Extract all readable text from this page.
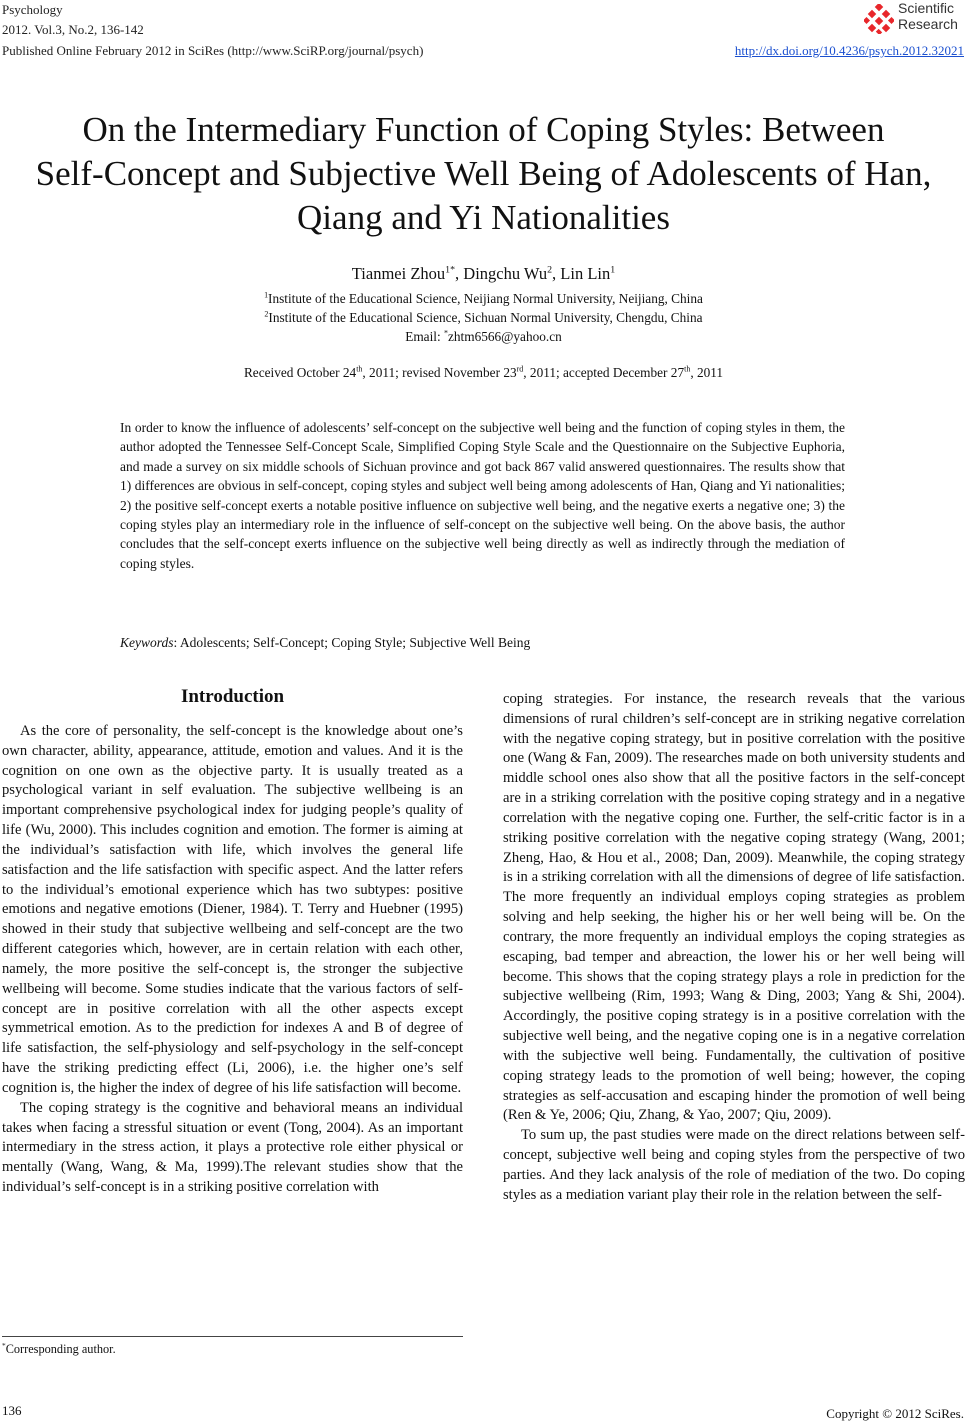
Psychology
2012. Vol.3, No.2, 136-142
Published Online February 2012 in SciRes (http://www.SciRP.org/journal/psych)	http://dx.doi.org/10.4236/psych.2012.32021
Scientific
Research
On the Intermediary Function of Coping Styles: Between
Self-Concept and Subjective Well Being of Adolescents of Han,
Qiang and Yi Nationalities
Tianmei Zhou$^{1*}$, Dingchu Wu$^2$, Lin Lin$^1$
$^1$Institute of the Educational Science, Neijiang Normal University, Neijiang, China
$^2$Institute of the Educational Science, Sichuan Normal University, Chengdu, China
Email: *zhtm6566@yahoo.cn
Received October 24th, 2011; revised November 23rd, 2011; accepted December 27th, 2011
In order to know the influence of adolescents’ self-concept on the subjective well being and the function of coping styles in them, the author adopted the Tennessee Self-Concept Scale, Simplified Coping Style Scale and the Questionnaire on the Subjective Euphoria, and made a survey on six middle schools of Sichuan province and got back 867 valid answered questionnaires. The results show that 1) differences are obvious in self-concept, coping styles and subject well being among adolescents of Han, Qiang and Yi nationalities; 2) the positive self-concept exerts a notable positive influence on subjective well being, and the negative exerts a negative one; 3) the coping styles play an intermediary role in the influence of self-concept on the subjective well being. On the above basis, the author concludes that the self-concept exerts influence on the subjective well being directly as well as indirectly through the mediation of coping styles.
Keywords: Adolescents; Self-Concept; Coping Style; Subjective Well Being
Introduction

As the core of personality, the self-concept is the knowledge about one’s own character, ability, appearance, attitude, emotion and values. And it is the cognition on one own as the objective party. It is usually treated as a psychological variant in self evaluation. The subjective wellbeing is an important comprehensive psychological index for judging people’s quality of life (Wu, 2000). This includes cognition and emotion. The former is aiming at the individual’s satisfaction with life, which involves the general life satisfaction and the life satisfaction with specific aspect. And the latter refers to the individual’s emotional experience which has two subtypes: positive emotions and negative emotions (Diener, 1984). T. Terry and Huebner (1995) showed in their study that subjective wellbeing and self-concept are the two different categories which, however, are in certain relation with each other, namely, the more positive the self-concept is, the stronger the subjective wellbeing will become. Some studies indicate that the various factors of self-concept are in positive correlation with all the other aspects except symmetrical emotion. As to the prediction for indexes A and B of degree of life satisfaction, the self-physiology and self-psychology in the self-concept have the striking predicting effect (Li, 2006), i.e. the higher one’s self cognition is, the higher the index of degree of his life satisfaction will become.

The coping strategy is the cognitive and behavioral means an individual takes when facing a stressful situation or event (Tong, 2004). As an important intermediary in the stress action, it plays a protective role either physical or mentally (Wang, Wang, & Ma, 1999).The relevant studies show that the individual’s self-concept is in a striking positive correlation with

coping strategies. For instance, the research reveals that the various dimensions of rural children’s self-concept are in striking negative correlation with the negative coping strategy, but in positive correlation with the positive one (Wang & Fan, 2009). The researches made on both university students and middle school ones also show that all the positive factors in the self-concept are in a striking correlation with the positive coping strategy and in a negative correlation with the negative coping one. Further, the self-critic factor is in a striking positive correlation with the negative coping strategy (Wang, 2001; Zheng, Hao, & Hou et al., 2008; Dan, 2009). Meanwhile, the coping strategy is in a striking correlation with all the dimensions of degree of life satisfaction. The more frequently an individual employs coping strategies as problem solving and help seeking, the higher his or her well being will be. On the contrary, the more frequently an individual employs the coping strategies as escaping, bad temper and abreaction, the lower his or her well being will become. This shows that the coping strategy plays a role in prediction for the subjective wellbeing (Rim, 1993; Wang & Ding, 2003; Yang & Shi, 2004). Accordingly, the positive coping strategy is in a positive correlation with the subjective well being, and the negative coping one is in a negative correlation with the subjective well being. Fundamentally, the cultivation of positive coping strategy leads to the promotion of well being; however, the coping strategies as self-accusation and escaping hinder the promotion of well being (Ren & Ye, 2006; Qiu, Zhang, & Yao, 2007; Qiu, 2009).

To sum up, the past studies were made on the direct relations between self-concept, subjective well being and coping styles from the perspective of two parties. And they lack analysis of the role of mediation of the two. Do coping styles as a mediation variant play their role in the relation between the self-

*Corresponding author.
136	Copyright © 2012 SciRes.
